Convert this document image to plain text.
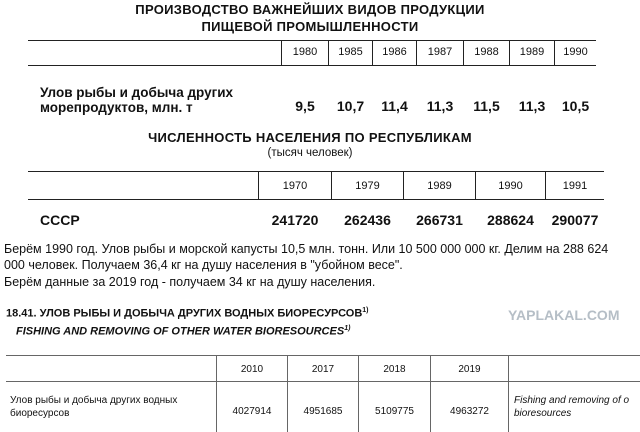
ПРОИЗВОДСТВО ВАЖНЕЙШИХ ВИДОВ ПРОДУКЦИИ
ПИЩЕВОЙ ПРОМЫШЛЕННОСТИ
1980	1985	1986	1987	1988	1989	1990
Улов рыбы и добыча других
морепродуктов, млн. т	9,5	10,7	11,4	11,3	11,5	11,3	10,5
ЧИСЛЕННОСТЬ НАСЕЛЕНИЯ ПО РЕСПУБЛИКАМ
(тысяч человек)
1970	1979	1989	1990	1991
СССР	241720	262436	266731	288624	290077
Берём 1990 год. Улов рыбы и морской капусты 10,5 млн. тонн. Или 10 500 000 000 кг. Делим на 288 624
000 человек. Получаем 36,4 кг на душу населения в "убойном весе".
Берём данные за 2019 год - получаем 34 кг на душу населения.
18.41. УЛОВ РЫБЫ И ДОБЫЧА ДРУГИХ ВОДНЫХ БИОРЕСУРСОВ$^{1)}$
FISHING AND REMOVING OF OTHER WATER BIORESOURCES$^{1)}$
YAPLAKAL.COM
2010	2017	2018	2019
Улов рыбы и добыча других водных
биоресурсов	4027914	4951685	5109775	4963272
Fishing and removing of o
bioresources
